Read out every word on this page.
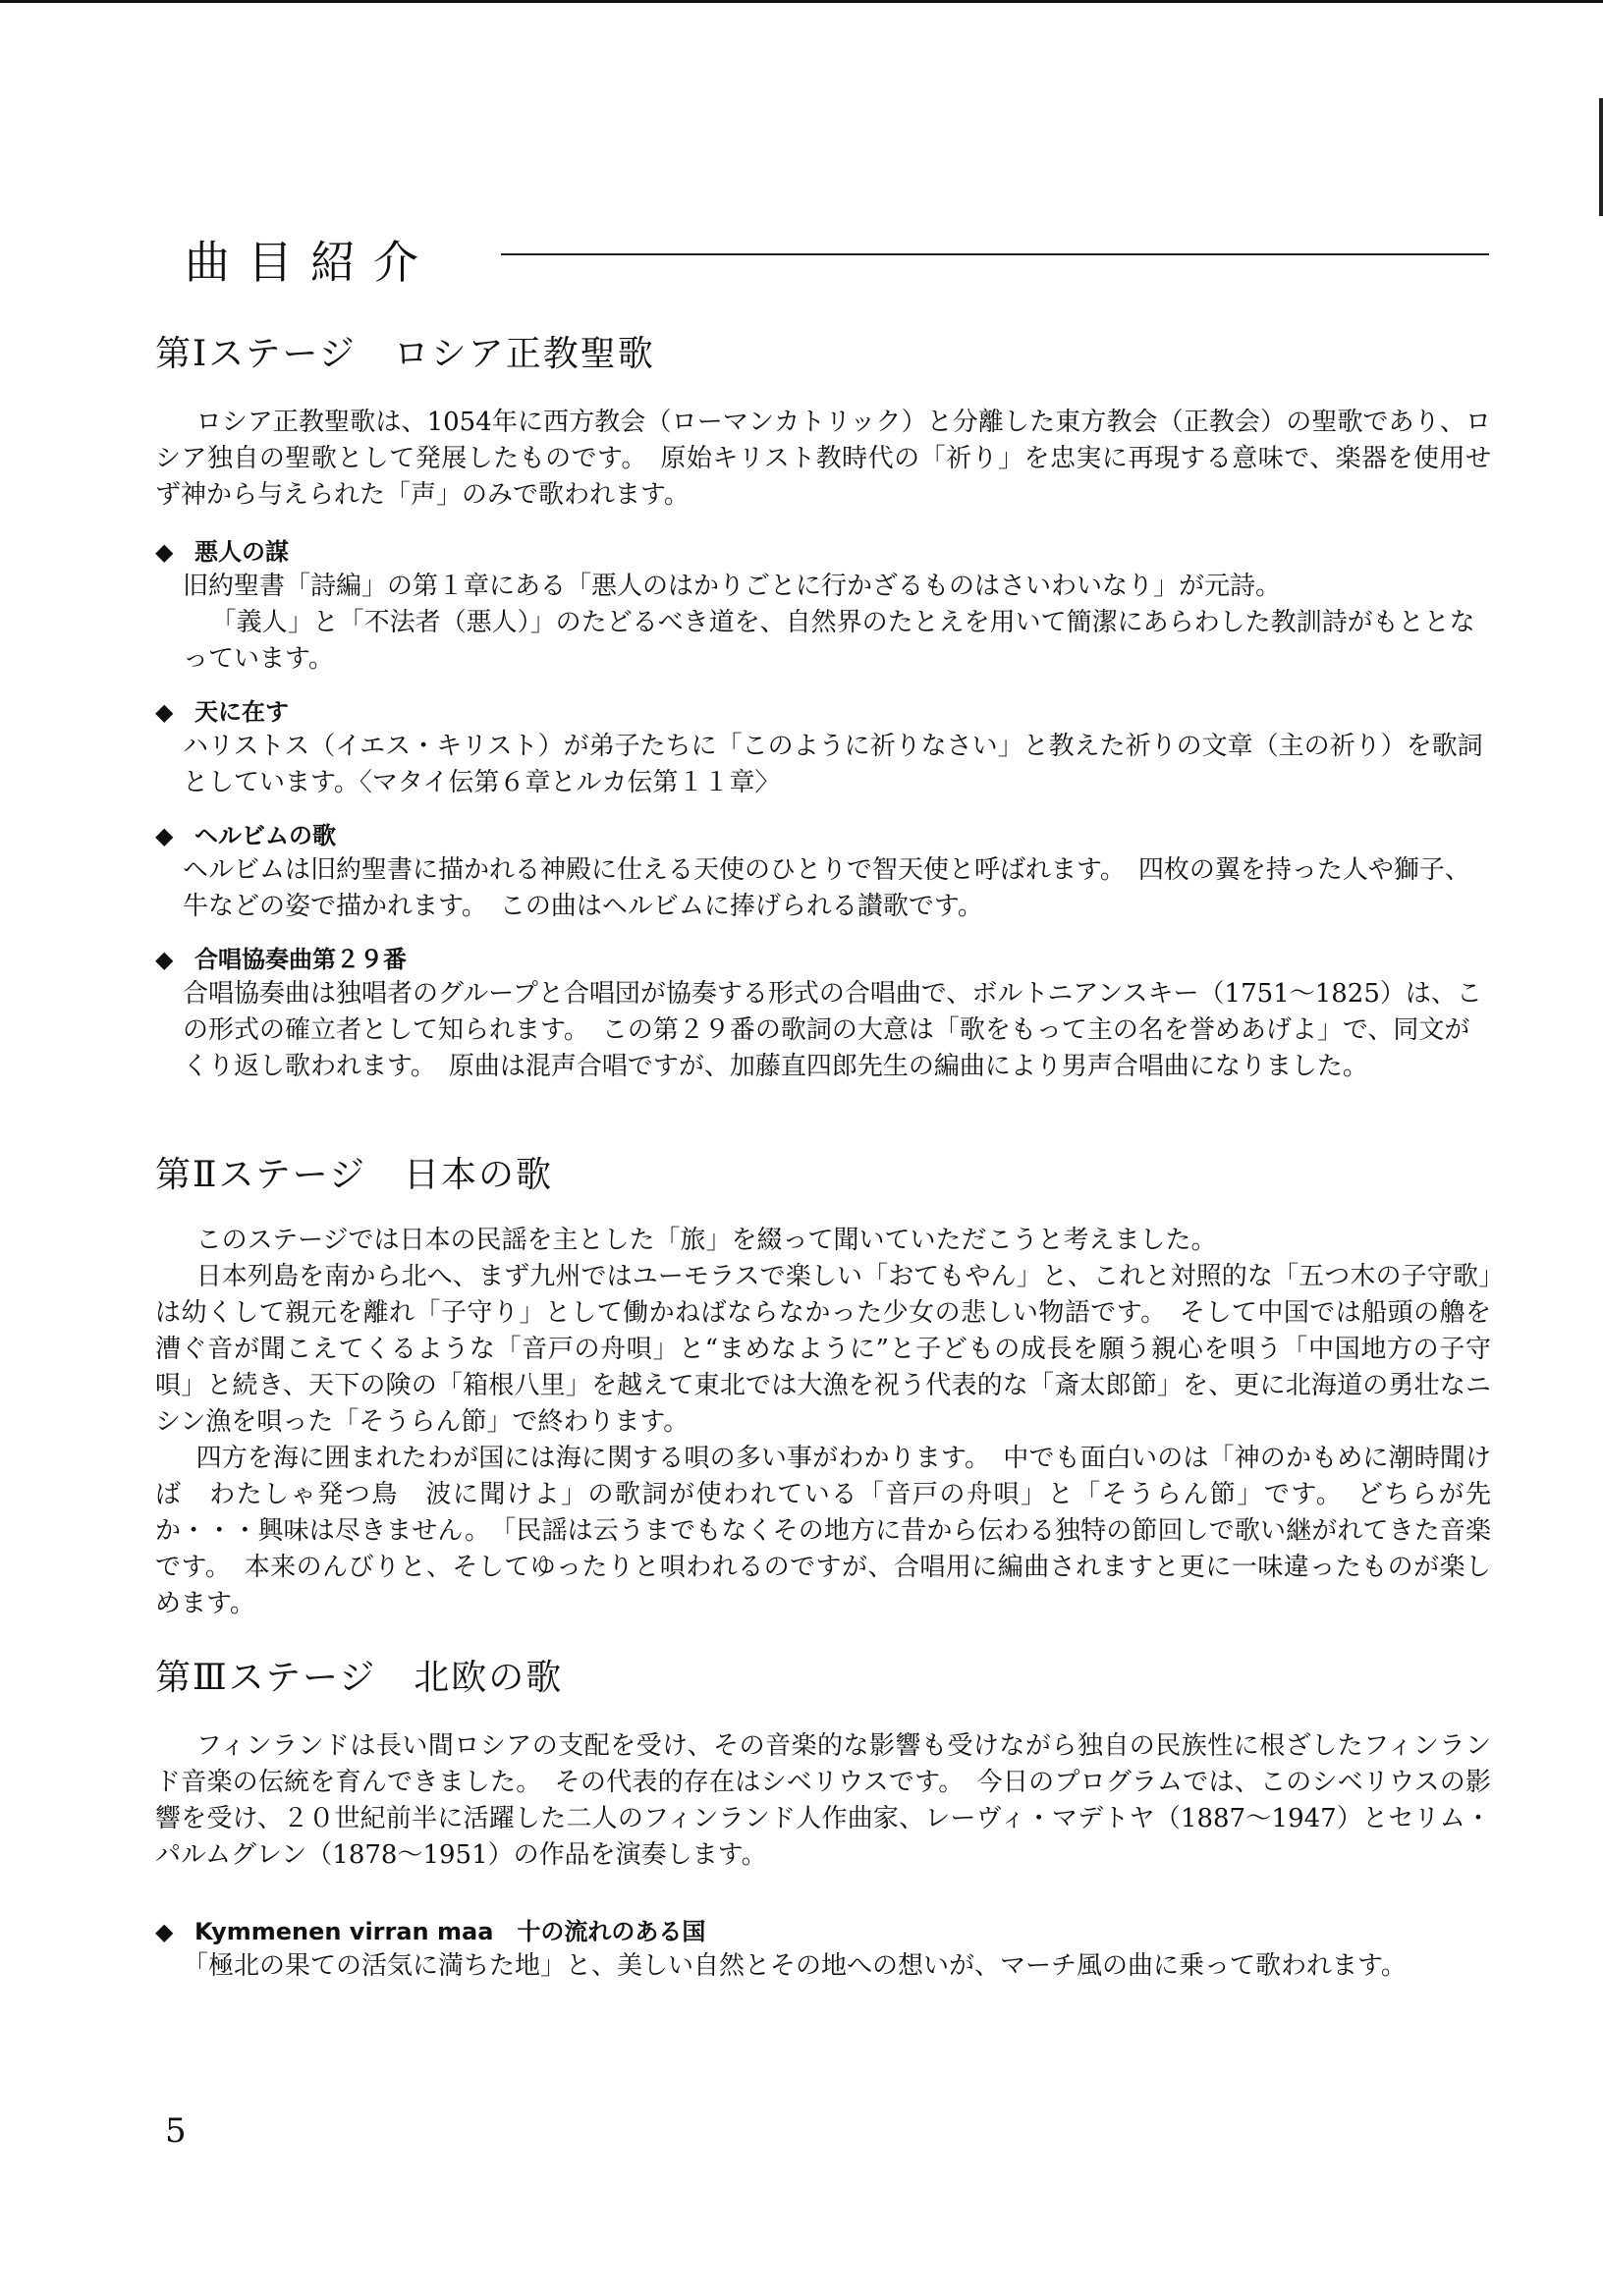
曲目紹介
第Ⅰステージ　ロシア正教聖歌

ロシア正教聖歌は、1054年に西方教会（ローマンカトリック）と分離した東方教会（正教会）の聖歌であり、ロシア独自の聖歌として発展したものです。　原始キリスト教時代の「祈り」を忠実に再現する意味で、楽器を使用せず神から与えられた「声」のみで歌われます。

◆ 悪人の謀

旧約聖書「詩編」の第１章にある「悪人のはかりごとに行かざるものはさいわいなり」が元詩。

「義人」と「不法者（悪人）」のたどるべき道を、自然界のたとえを用いて簡潔にあらわした教訓詩がもととなっています。

◆ 天に在す

ハリストス（イエス・キリスト）が弟子たちに「このように祈りなさい」と教えた祈りの文章（主の祈り）を歌詞としています。〈マタイ伝第６章とルカ伝第１１章〉

◆ ヘルビムの歌

ヘルビムは旧約聖書に描かれる神殿に仕える天使のひとりで智天使と呼ばれます。　四枚の翼を持った人や獅子、牛などの姿で描かれます。　この曲はヘルビムに捧げられる讃歌です。

◆ 合唱協奏曲第２９番

合唱協奏曲は独唱者のグループと合唱団が協奏する形式の合唱曲で、ボルトニアンスキー（1751～1825）は、この形式の確立者として知られます。　この第２９番の歌詞の大意は「歌をもって主の名を誉めあげよ」で、同文がくり返し歌われます。　原曲は混声合唱ですが、加藤直四郎先生の編曲により男声合唱曲になりました。

第Ⅱステージ　日本の歌

このステージでは日本の民謡を主とした「旅」を綴って聞いていただこうと考えました。

日本列島を南から北へ、まず九州ではユーモラスで楽しい「おてもやん」と、これと対照的な「五つ木の子守歌」は幼くして親元を離れ「子守り」として働かねばならなかった少女の悲しい物語です。　そして中国では船頭の艪を漕ぐ音が聞こえてくるような「音戸の舟唄」と“まめなように”と子どもの成長を願う親心を唄う「中国地方の子守唄」と続き、天下の険の「箱根八里」を越えて東北では大漁を祝う代表的な「斎太郎節」を、更に北海道の勇壮なニシン漁を唄った「そうらん節」で終わります。

四方を海に囲まれたわが国には海に関する唄の多い事がわかります。　中でも面白いのは「神のかもめに潮時聞けば　わたしゃ発つ鳥　波に聞けよ」の歌詞が使われている「音戸の舟唄」と「そうらん節」です。　どちらが先か・・・興味は尽きません。　「民謡は云うまでもなくその地方に昔から伝わる独特の節回しで歌い継がれてきた音楽です。　本来のんびりと、そしてゆったりと唄われるのですが、合唱用に編曲されますと更に一味違ったものが楽しめます。

第Ⅲステージ　北欧の歌

フィンランドは長い間ロシアの支配を受け、その音楽的な影響も受けながら独自の民族性に根ざしたフィンランド音楽の伝統を育んできました。　その代表的存在はシベリウスです。　今日のプログラムでは、このシベリウスの影響を受け、２０世紀前半に活躍した二人のフィンランド人作曲家、レーヴィ・マデトヤ（1887～1947）とセリム・パルムグレン（1878～1951）の作品を演奏します。

◆ Kymmenen virran maa　十の流れのある国

「極北の果ての活気に満ちた地」と、美しい自然とその地への想いが、マーチ風の曲に乗って歌われます。

5
